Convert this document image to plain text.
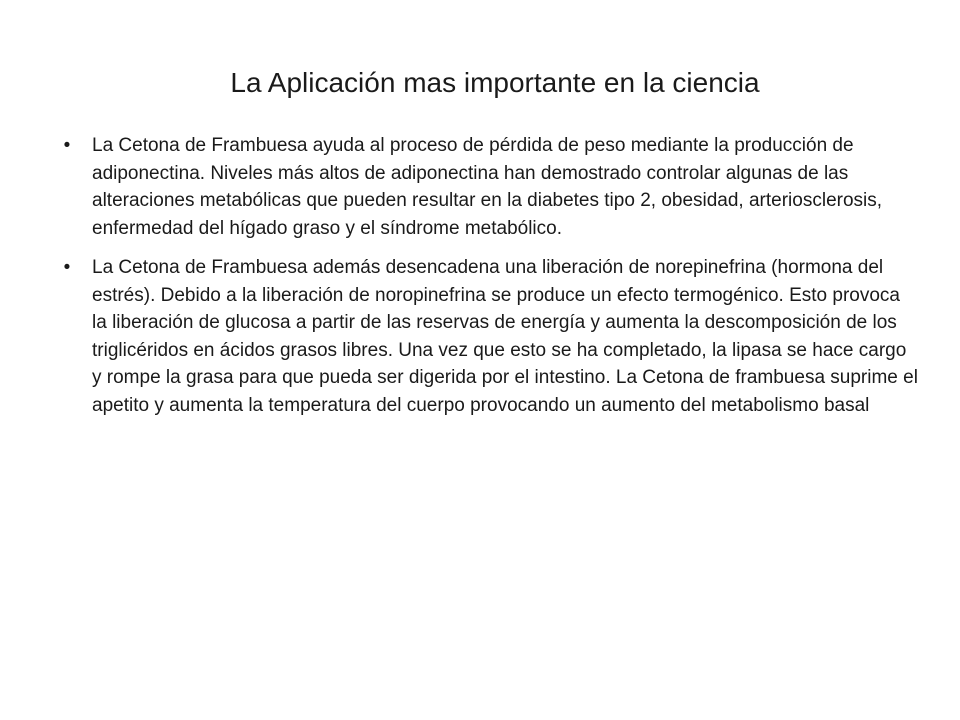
La Aplicación mas importante en la ciencia
• La Cetona de Frambuesa ayuda al proceso de pérdida de peso mediante la producción de adiponectina. Niveles más altos de adiponectina han demostrado controlar algunas de las alteraciones metabólicas que pueden resultar en la diabetes tipo 2, obesidad, arteriosclerosis, enfermedad del hígado graso y el síndrome metabólico.
• La Cetona de Frambuesa además desencadena una liberación de norepinefrina (hormona del estrés). Debido a la liberación de noropinefrina se produce un efecto termogénico. Esto provoca la liberación de glucosa a partir de las reservas de energía y aumenta la descomposición de los triglicéridos en ácidos grasos libres. Una vez que esto se ha completado, la lipasa se hace cargo y rompe la grasa para que pueda ser digerida por el intestino. La Cetona de frambuesa suprime el apetito y aumenta la temperatura del cuerpo provocando un aumento del metabolismo basal
